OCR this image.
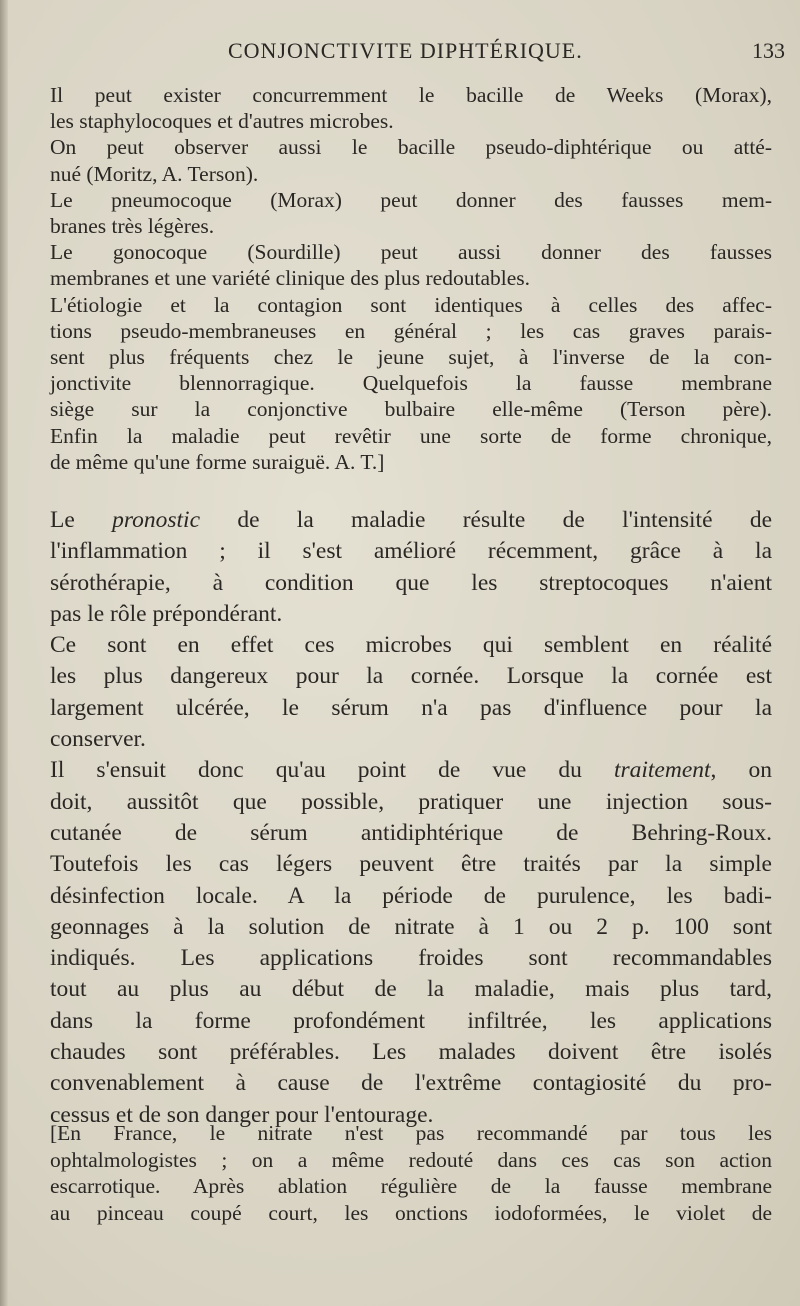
CONJONCTIVITE DIPHTÉRIQUE.	133

Il peut exister concurremment le bacille de Weeks (Morax),

les staphylocoques et d'autres microbes.

On peut observer aussi le bacille pseudo-diphtérique ou atté-

nué (Moritz, A. Terson).

Le pneumocoque (Morax) peut donner des fausses mem-

branes très légères.

Le gonocoque (Sourdille) peut aussi donner des fausses

membranes et une variété clinique des plus redoutables.

L'étiologie et la contagion sont identiques à celles des affec-

tions pseudo-membraneuses en général ; les cas graves parais-

sent plus fréquents chez le jeune sujet, à l'inverse de la con-

jonctivite blennorragique. Quelquefois la fausse membrane

siège sur la conjonctive bulbaire elle-même (Terson père).

Enfin la maladie peut revêtir une sorte de forme chronique,

de même qu'une forme suraiguë. A. T.]

Le pronostic de la maladie résulte de l'intensité de

l'inflammation ; il s'est amélioré récemment, grâce à la

sérothérapie, à condition que les streptocoques n'aient

pas le rôle prépondérant.

Ce sont en effet ces microbes qui semblent en réalité

les plus dangereux pour la cornée. Lorsque la cornée est

largement ulcérée, le sérum n'a pas d'influence pour la

conserver.

Il s'ensuit donc qu'au point de vue du traitement, on

doit, aussitôt que possible, pratiquer une injection sous-

cutanée de sérum antidiphtérique de Behring-Roux.

Toutefois les cas légers peuvent être traités par la simple

désinfection locale. A la période de purulence, les badi-

geonnages à la solution de nitrate à 1 ou 2 p. 100 sont

indiqués. Les applications froides sont recommandables

tout au plus au début de la maladie, mais plus tard,

dans la forme profondément infiltrée, les applications

chaudes sont préférables. Les malades doivent être isolés

convenablement à cause de l'extrême contagiosité du pro-

cessus et de son danger pour l'entourage.

[En France, le nitrate n'est pas recommandé par tous les

ophtalmologistes ; on a même redouté dans ces cas son action

escarrotique. Après ablation régulière de la fausse membrane

au pinceau coupé court, les onctions iodoformées, le violet de
